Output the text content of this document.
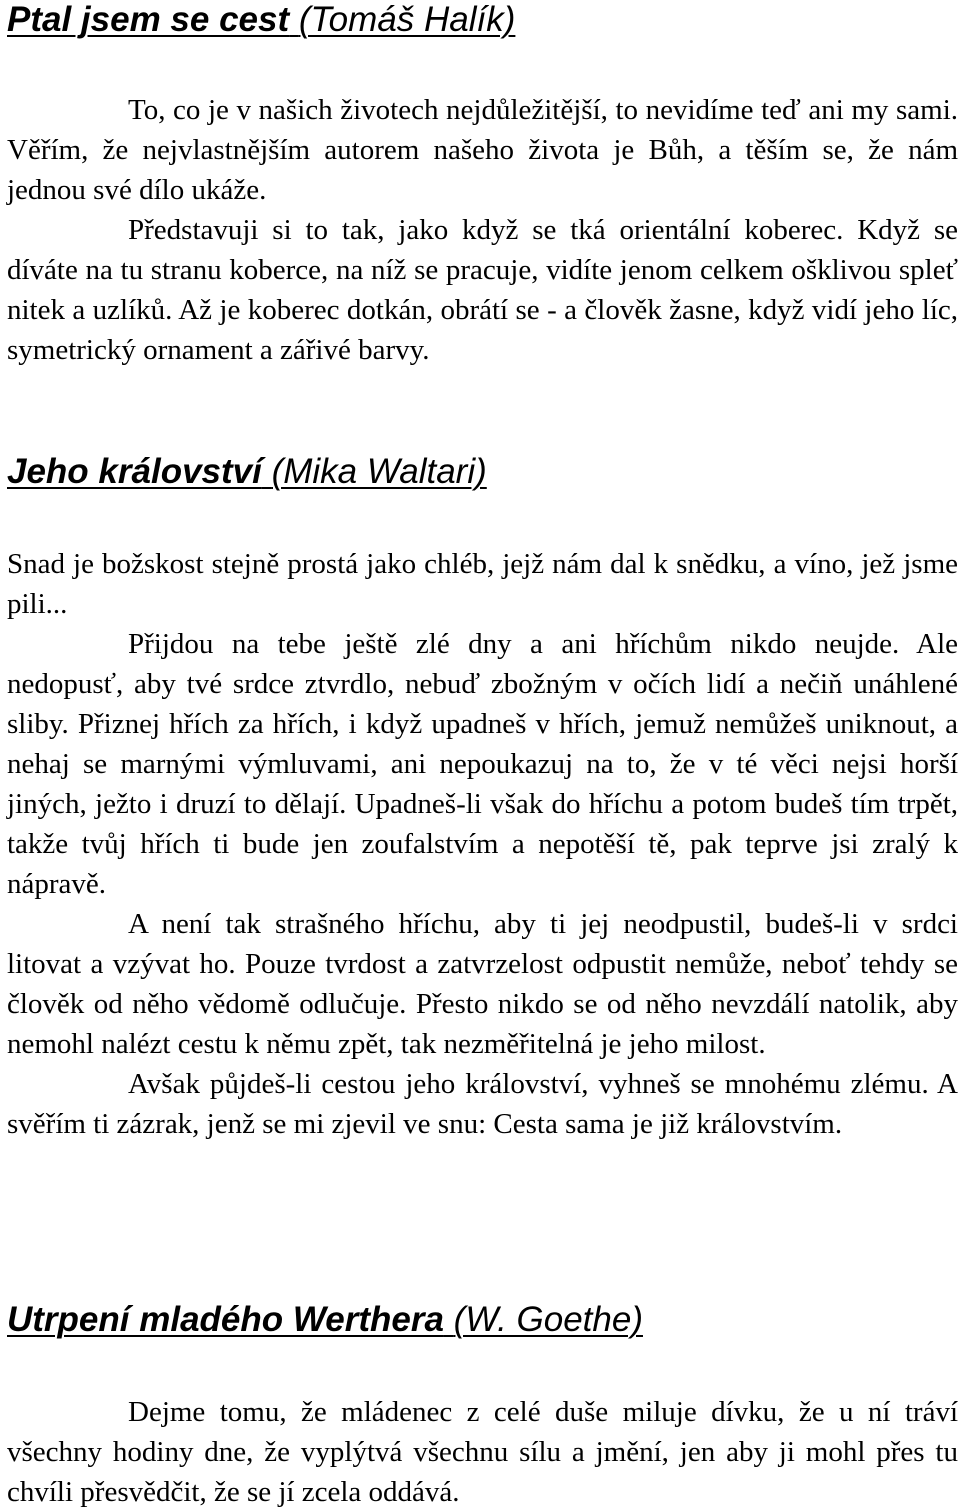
Ptal jsem se cest (Tomáš Halík)

To, co je v našich životech nejdůležitější, to nevidíme teď ani my sami. Věřím, že nejvlastnějším autorem našeho života je Bůh, a těším se, že nám jednou své dílo ukáže.

Představuji si to tak, jako když se tká orientální koberec. Když se díváte na tu stranu koberce, na níž se pracuje, vidíte jenom celkem ošklivou spleť nitek a uzlíků. Až je koberec dotkán, obrátí se - a člověk žasne, když vidí jeho líc, symetrický ornament a zářivé barvy.

Jeho království (Mika Waltari)

Snad je božskost stejně prostá jako chléb, jejž nám dal k snědku, a víno, jež jsme pili...

Přijdou na tebe ještě zlé dny a ani hříchům nikdo neujde. Ale nedopusť, aby tvé srdce ztvrdlo, nebuď zbožným v očích lidí a nečiň unáhlené sliby. Přiznej hřích za hřích, i když upadneš v hřích, jemuž nemůžeš uniknout, a nehaj se marnými výmluvami, ani nepoukazuj na to, že v té věci nejsi horší jiných, ježto i druzí to dělají. Upadneš-li však do hříchu a potom budeš tím trpět, takže tvůj hřích ti bude jen zoufalstvím a nepotěší tě, pak teprve jsi zralý k nápravě.

A není tak strašného hříchu, aby ti jej neodpustil, budeš-li v srdci litovat a vzývat ho. Pouze tvrdost a zatvrzelost odpustit nemůže, neboť tehdy se člověk od něho vědomě odlučuje. Přesto nikdo se od něho nevzdálí natolik, aby nemohl nalézt cestu k němu zpět, tak nezměřitelná je jeho milost.

Avšak půjdeš-li cestou jeho království, vyhneš se mnohému zlému. A svěřím ti zázrak, jenž se mi zjevil ve snu: Cesta sama je již královstvím.

Utrpení mladého Werthera (W. Goethe)

Dejme tomu, že mládenec z celé duše miluje dívku, že u ní tráví všechny hodiny dne, že vyplýtvá všechnu sílu a jmění, jen aby ji mohl přes tu chvíli přesvědčit, že se jí zcela oddává.
